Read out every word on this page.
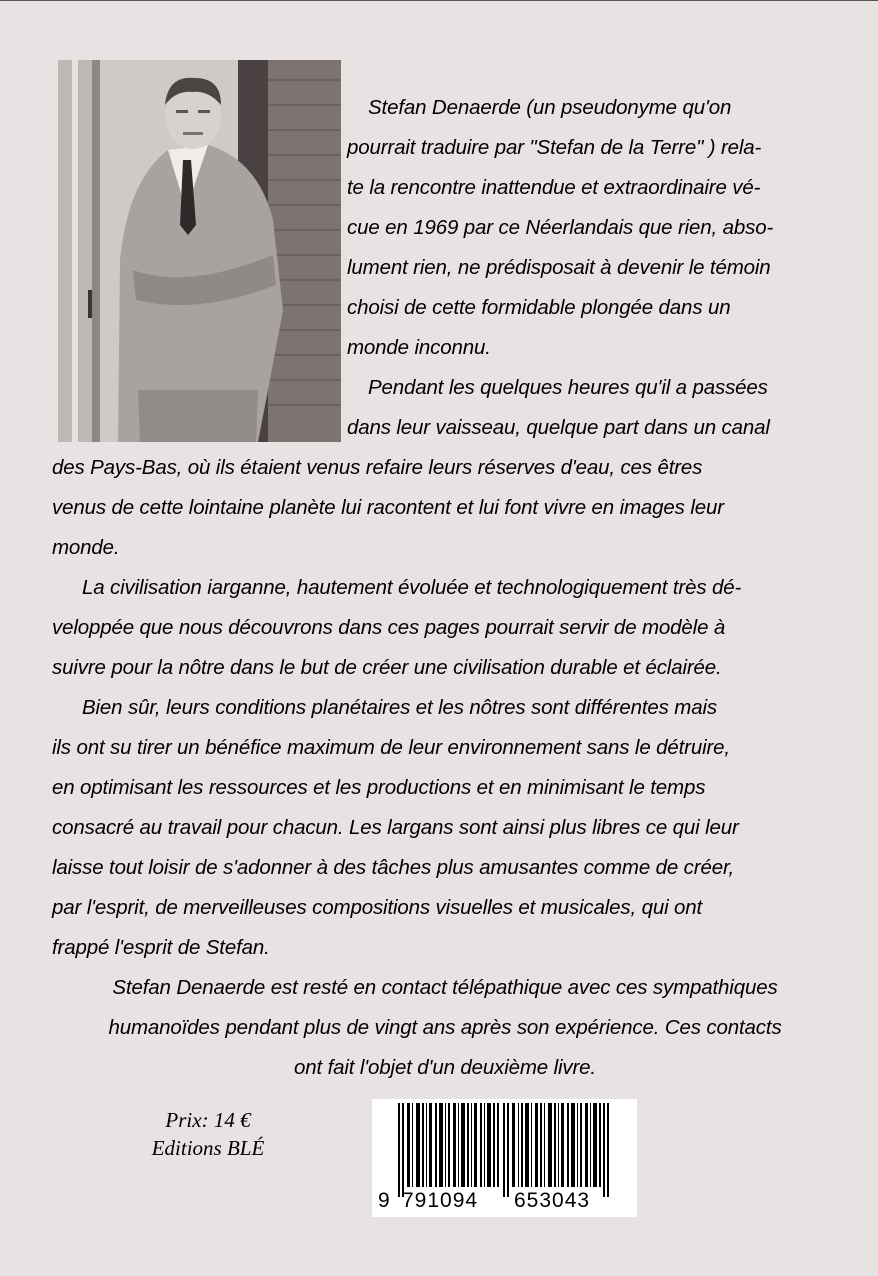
Stefan Denaerde (un pseudonyme qu'on
pourrait traduire par "Stefan de la Terre" ) rela-
te la rencontre inattendue et extraordinaire vé-
cue en 1969 par ce Néerlandais que rien, abso-
lument rien, ne prédisposait à devenir le témoin
choisi de cette formidable plongée dans un
monde inconnu.
Pendant les quelques heures qu'il a passées
dans leur vaisseau, quelque part dans un canal
des Pays-Bas, où ils étaient venus refaire leurs réserves d'eau, ces êtres
venus de cette lointaine planète lui racontent et lui font vivre en images leur
monde.
La civilisation iarganne, hautement évoluée et technologiquement très dé-
veloppée que nous découvrons dans ces pages pourrait servir de modèle à
suivre pour la nôtre dans le but de créer une civilisation durable et éclairée.
Bien sûr, leurs conditions planétaires et les nôtres sont différentes mais
ils ont su tirer un bénéfice maximum de leur environnement sans le détruire,
en optimisant les ressources et les productions et en minimisant le temps
consacré au travail pour chacun. Les largans sont ainsi plus libres ce qui leur
laisse tout loisir de s'adonner à des tâches plus amusantes comme de créer,
par l'esprit, de merveilleuses compositions visuelles et musicales, qui ont
frappé l'esprit de Stefan.
Stefan Denaerde est resté en contact télépathique avec ces sympathiques
humanoïdes pendant plus de vingt ans après son expérience. Ces contacts
ont fait l'objet d'un deuxième livre.
Prix: 14 €
Editions BLÉ
9 791094 653043
